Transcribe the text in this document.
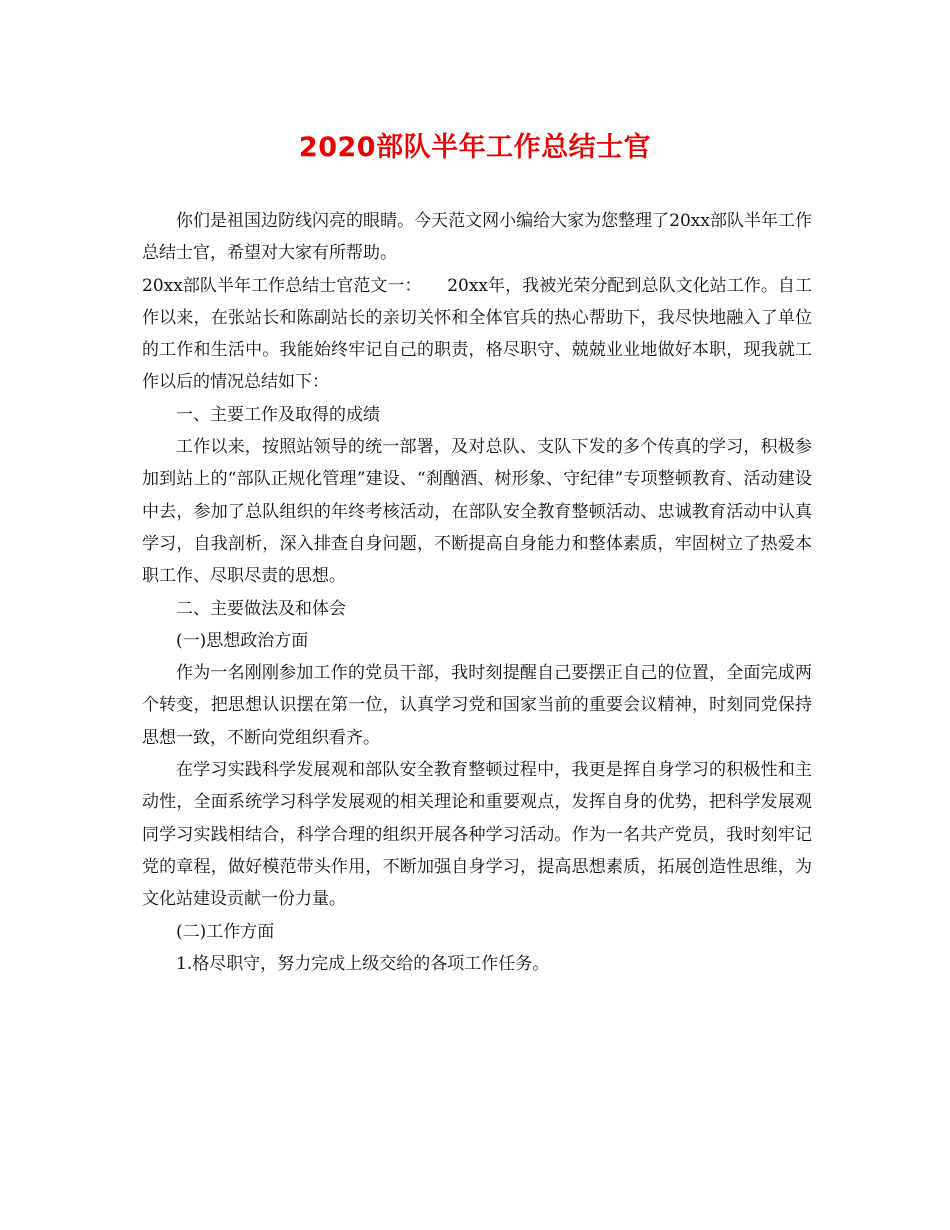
2020部队半年工作总结士官

你们是祖国边防线闪亮的眼睛。今天范文网小编给大家为您整理了20xx部队半年工作总结士官，希望对大家有所帮助。

20xx部队半年工作总结士官范文一：　　20xx年，我被光荣分配到总队文化站工作。自工作以来，在张站长和陈副站长的亲切关怀和全体官兵的热心帮助下，我尽快地融入了单位的工作和生活中。我能始终牢记自己的职责，格尽职守、兢兢业业地做好本职，现我就工作以后的情况总结如下：

一、主要工作及取得的成绩

工作以来，按照站领导的统一部署，及对总队、支队下发的多个传真的学习，积极参加到站上的“部队正规化管理”建设、“刹酗酒、树形象、守纪律”专项整顿教育、活动建设中去，参加了总队组织的年终考核活动，在部队安全教育整顿活动、忠诚教育活动中认真学习，自我剖析，深入排查自身问题，不断提高自身能力和整体素质，牢固树立了热爱本职工作、尽职尽责的思想。

二、主要做法及和体会

(一)思想政治方面

作为一名刚刚参加工作的党员干部，我时刻提醒自己要摆正自己的位置，全面完成两个转变，把思想认识摆在第一位，认真学习党和国家当前的重要会议精神，时刻同党保持思想一致，不断向党组织看齐。

在学习实践科学发展观和部队安全教育整顿过程中，我更是挥自身学习的积极性和主动性，全面系统学习科学发展观的相关理论和重要观点，发挥自身的优势，把科学发展观同学习实践相结合，科学合理的组织开展各种学习活动。作为一名共产党员，我时刻牢记党的章程，做好模范带头作用，不断加强自身学习，提高思想素质，拓展创造性思维，为文化站建设贡献一份力量。

(二)工作方面

1.格尽职守，努力完成上级交给的各项工作任务。
